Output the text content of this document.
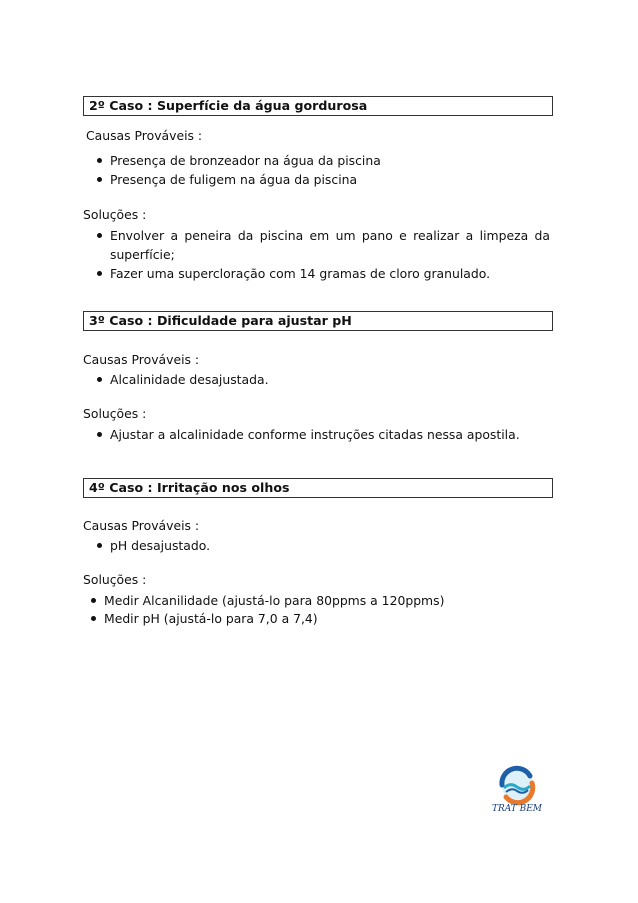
2º Caso : Superfície da água gordurosa
Causas Prováveis :
Presença de bronzeador na água da piscina
Presença de fuligem na água da piscina
Soluções :
Envolver a peneira da piscina em um pano e realizar a limpeza da
superfície;
Fazer uma supercloração com 14 gramas de cloro granulado.
3º Caso : Dificuldade para ajustar pH
Causas Prováveis :
Alcalinidade desajustada.
Soluções :
Ajustar a alcalinidade conforme instruções citadas nessa apostila.
4º Caso : Irritação nos olhos
Causas Prováveis :
pH desajustado.
Soluções :
Medir Alcanilidade (ajustá-lo para 80ppms a 120ppms)
Medir pH (ajustá-lo para 7,0 a 7,4)
TRAT BEM
